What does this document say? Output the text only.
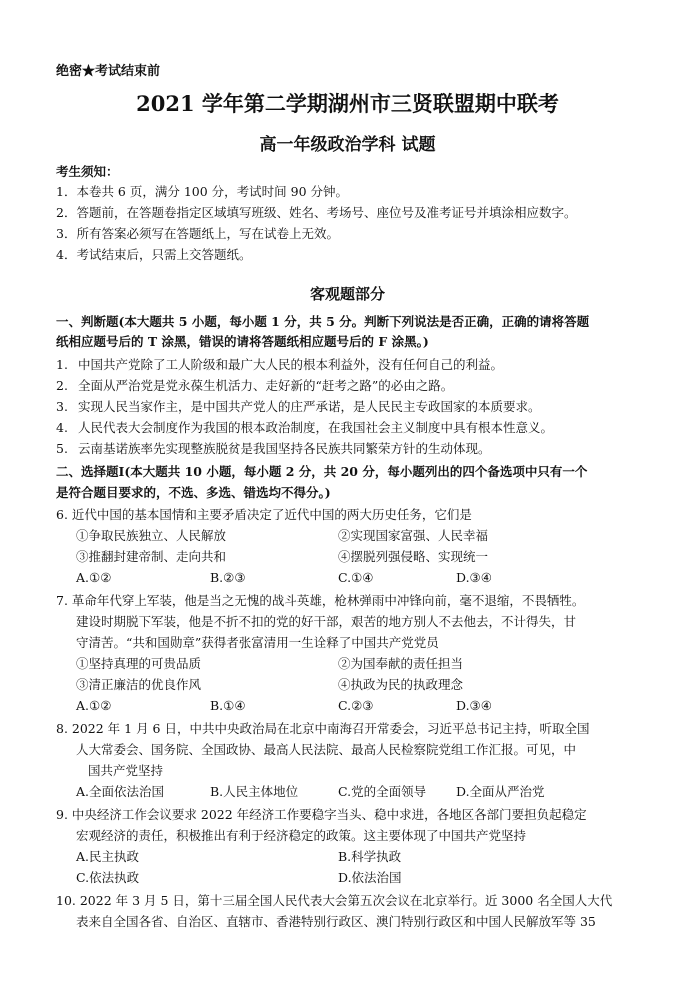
绝密★考试结束前
2021 学年第二学期湖州市三贤联盟期中联考
高一年级政治学科 试题
考生须知：
1．本卷共 6 页，满分 100 分，考试时间 90 分钟。
2．答题前，在答题卷指定区域填写班级、姓名、考场号、座位号及准考证号并填涂相应数字。
3．所有答案必须写在答题纸上，写在试卷上无效。
4．考试结束后，只需上交答题纸。
客观题部分
一、判断题(本大题共 5 小题，每小题 1 分，共 5 分。判断下列说法是否正确，正确的请将答题
纸相应题号后的 T 涂黑，错误的请将答题纸相应题号后的 F 涂黑。)
1. 中国共产党除了工人阶级和最广大人民的根本利益外，没有任何自己的利益。
2. 全面从严治党是党永葆生机活力、走好新的“赶考之路”的必由之路。
3. 实现人民当家作主，是中国共产党人的庄严承诺，是人民民主专政国家的本质要求。
4. 人民代表大会制度作为我国的根本政治制度，在我国社会主义制度中具有根本性意义。
5. 云南基诺族率先实现整族脱贫是我国坚持各民族共同繁荣方针的生动体现。
二、选择题Ⅰ(本大题共 10 小题，每小题 2 分，共 20 分，每小题列出的四个备选项中只有一个
是符合题目要求的，不选、多选、错选均不得分。)
6. 近代中国的基本国情和主要矛盾决定了近代中国的两大历史任务，它们是
①争取民族独立、人民解放	②实现国家富强、人民幸福
③推翻封建帝制、走向共和	④摆脱列强侵略、实现统一
A.①②	B.②③	C.①④	D.③④
7. 革命年代穿上军装，他是当之无愧的战斗英雄，枪林弹雨中冲锋向前，毫不退缩，不畏牺牲。
建设时期脱下军装，他是不折不扣的党的好干部，艰苦的地方别人不去他去，不计得失，甘
守清苦。“共和国勋章”获得者张富清用一生诠释了中国共产党党员
①坚持真理的可贵品质	②为国奉献的责任担当
③清正廉洁的优良作风	④执政为民的执政理念
A.①②	B.①④	C.②③	D.③④
8. 2022 年 1 月 6 日，中共中央政治局在北京中南海召开常委会，习近平总书记主持，听取全国
人大常委会、国务院、全国政协、最高人民法院、最高人民检察院党组工作汇报。可见，中
国共产党坚持
A.全面依法治国	B.人民主体地位	C.党的全面领导 D.全面从严治党
9. 中央经济工作会议要求 2022 年经济工作要稳字当头、稳中求进，各地区各部门要担负起稳定
宏观经济的责任，积极推出有利于经济稳定的政策。这主要体现了中国共产党坚持
A.民主执政	B.科学执政
C.依法执政	D.依法治国
10. 2022 年 3 月 5 日，第十三届全国人民代表大会第五次会议在北京举行。近 3000 名全国人大代
表来自全国各省、自治区、直辖市、香港特别行政区、澳门特别行政区和中国人民解放军等 35
